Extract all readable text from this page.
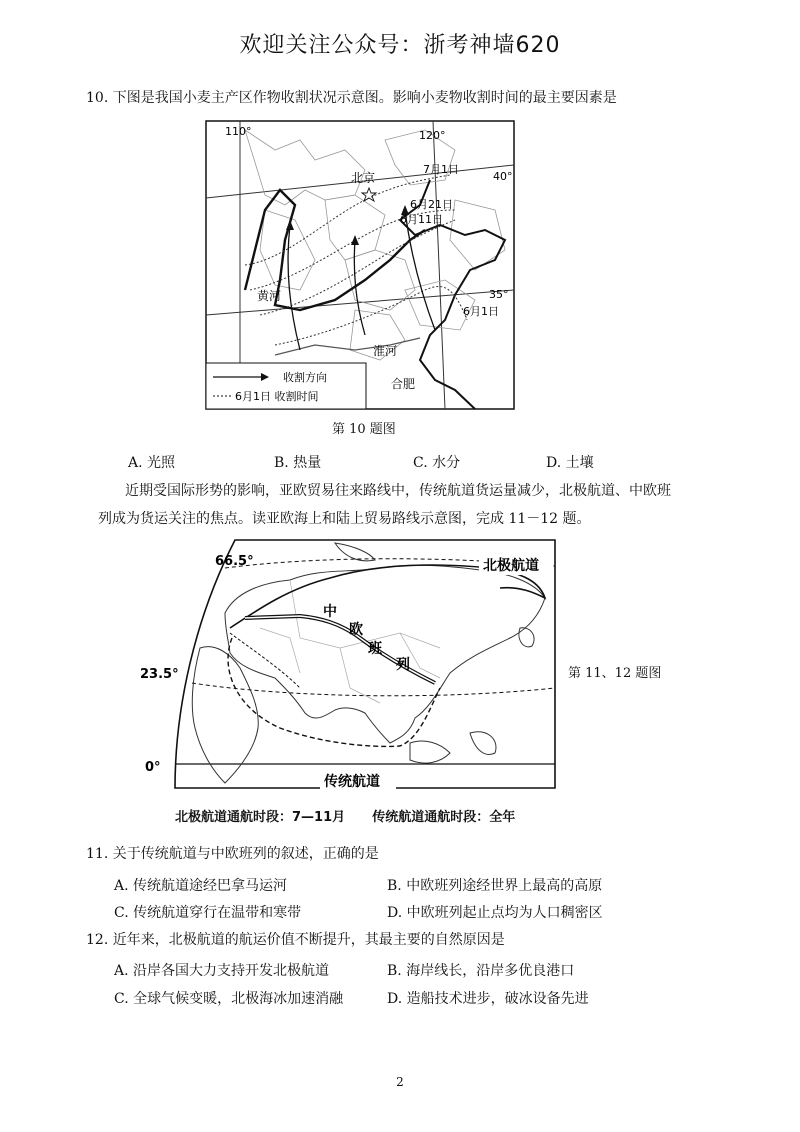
欢迎关注公众号：浙考神墙620
10. 下图是我国小麦主产区作物收割状况示意图。影响小麦物收割时间的最主要因素是
110°	120°
40°
35°
北京
黄河
淮河
合肥
7月1日
6月21日
6月11日
6月1日
收割方向
6月1日 收割时间
第 10 题图
A. 光照	B. 热量	C. 水分	D. 土壤
近期受国际形势的影响，亚欧贸易往来路线中，传统航道货运量减少，北极航道、中欧班
列成为货运关注的焦点。读亚欧海上和陆上贸易路线示意图，完成 11－12 题。
66.5°
23.5°
0°
北极航道
传统航道
中
欧
班
列
第 11、12 题图
北极航道通航时段：7—11月      传统航道通航时段：全年
11. 关于传统航道与中欧班列的叙述，正确的是
A. 传统航道途经巴拿马运河	B. 中欧班列途经世界上最高的高原
C. 传统航道穿行在温带和寒带	D. 中欧班列起止点均为人口稠密区
12. 近年来，北极航道的航运价值不断提升，其最主要的自然原因是
A. 沿岸各国大力支持开发北极航道	B. 海岸线长，沿岸多优良港口
C. 全球气候变暖，北极海冰加速消融	D. 造船技术进步，破冰设备先进
2
